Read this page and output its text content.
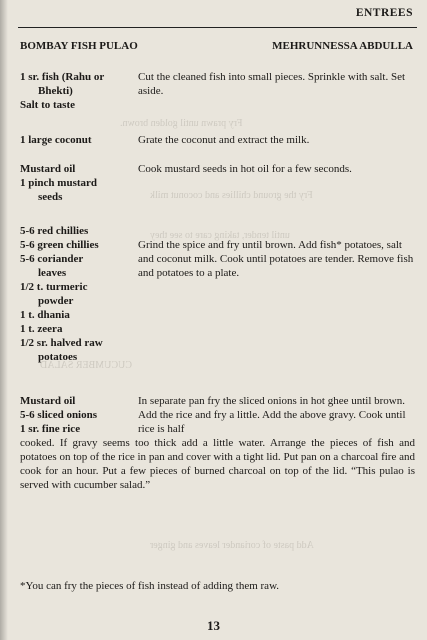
Fry prawn until golden brown.
Fry the ground chillies and coconut milk
until tender, taking care to see they
CUCUMBER SALAD
Add paste of coriander leaves and ginger
ENTREES
BOMBAY FISH PULAO	MEHRUNNESSA ABDULLA
1 sr. fish (Rahu or

Bhekti)
Salt to taste
Cut the cleaned fish into small pieces. Sprinkle with salt. Set aside.
1 large coconut	Grate the coconut and extract the milk.
Mustard oil
1 pinch mustard

seeds
Cook mustard seeds in hot oil for a few seconds.
5-6 red chillies
5-6 green chillies
5-6 coriander

leaves
1/2 t. turmeric

powder
1 t. dhania
1 t. zeera
1/2 sr. halved raw

potatoes
Grind the spice and fry until brown. Add fish* potatoes, salt and coconut milk. Cook until potatoes are tender. Remove fish and potatoes to a plate.
Mustard oil
5-6 sliced onions
1 sr. fine rice
In separate pan fry the sliced onions in hot ghee until brown. Add the rice and fry a little. Add the above gravy. Cook until rice is half
cooked. If gravy seems too thick add a little water. Arrange the pieces of fish and potatoes on top of the rice in pan and cover with a tight lid. Put pan on a charcoal fire and cook for an hour. Put a few pieces of burned charcoal on top of the lid. “This pulao is served with cucumber salad.”
*You can fry the pieces of fish instead of adding them raw.
13
